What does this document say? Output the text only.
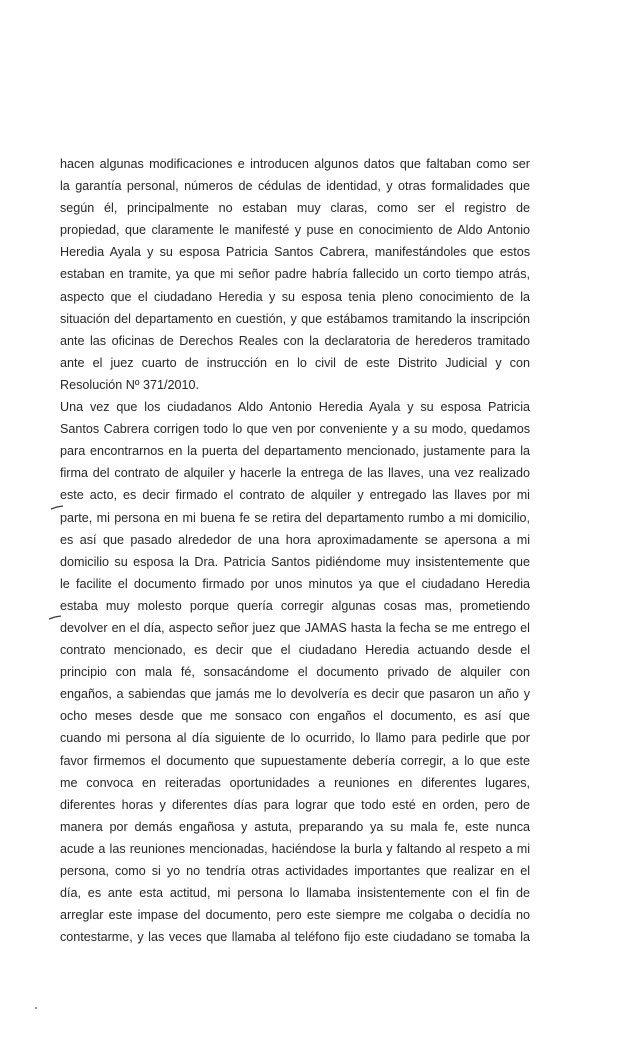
hacen algunas modificaciones e introducen algunos datos que faltaban como ser
la garantía personal, números de cédulas de identidad, y otras formalidades que
según él, principalmente no estaban muy claras, como ser el registro de
propiedad, que claramente le manifesté y puse en conocimiento de Aldo Antonio
Heredia Ayala y su esposa Patricia Santos Cabrera, manifestándoles que estos
estaban en tramite, ya que mi señor padre habría fallecido un corto tiempo atrás,
aspecto que el ciudadano Heredia y su esposa tenia pleno conocimiento de la
situación del departamento en cuestión, y que estábamos tramitando la inscripción
ante las oficinas de Derechos Reales con la declaratoria de herederos tramitado
ante el juez cuarto de instrucción en lo civil de este Distrito Judicial y con
Resolución Nº 371/2010.
Una vez que los ciudadanos Aldo Antonio Heredia Ayala y su esposa Patricia
Santos Cabrera corrigen todo lo que ven por conveniente y a su modo, quedamos
para encontrarnos en la puerta del departamento mencionado, justamente para la
firma del contrato de alquiler y hacerle la entrega de las llaves, una vez realizado
este acto, es decir firmado el contrato de alquiler y entregado las llaves por mi
parte, mi persona en mi buena fe se retira del departamento rumbo a mi domicilio,
es así que pasado alrededor de una hora aproximadamente se apersona a mi
domicilio su esposa la Dra. Patricia Santos pidiéndome muy insistentemente que
le facilite el documento firmado por unos minutos ya que el ciudadano Heredia
estaba muy molesto porque quería corregir algunas cosas mas, prometiendo
devolver en el día, aspecto señor juez que JAMAS hasta la fecha se me entrego el
contrato mencionado, es decir que el ciudadano Heredia actuando desde el
principio con mala fé, sonsacándome el documento privado de alquiler con
engaños, a sabiendas que jamás me lo devolvería es decir que pasaron un año y
ocho meses desde que me sonsaco con engaños el documento, es así que
cuando mi persona al día siguiente de lo ocurrido, lo llamo para pedirle que por
favor firmemos el documento que supuestamente debería corregir, a lo que este
me convoca en reiteradas oportunidades a reuniones en diferentes lugares,
diferentes horas y diferentes días para lograr que todo esté en orden, pero de
manera por demás engañosa y astuta, preparando ya su mala fe, este nunca
acude a las reuniones mencionadas, haciéndose la burla y faltando al respeto a mi
persona, como si yo no tendría otras actividades importantes que realizar en el
día, es ante esta actitud, mi persona lo llamaba insistentemente con el fin de
arreglar este impase del documento, pero este siempre me colgaba o decidía no
contestarme, y las veces que llamaba al teléfono fijo este ciudadano se tomaba la
